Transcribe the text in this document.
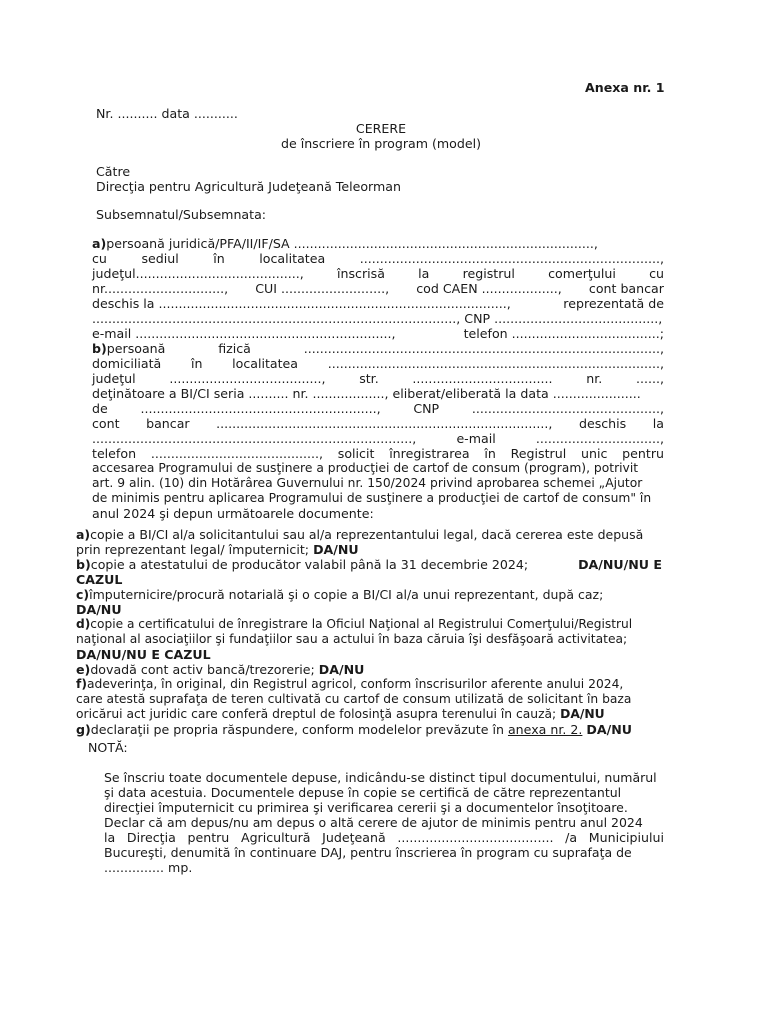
Anexa nr. 1
Nr. .......... data ...........
CERERE
de înscriere în program (model)
Către
Direcţia pentru Agricultură Judeţeană Teleorman
Subsemnatul/Subsemnata:
a)persoană juridică/PFA/II/IF/SA ...........................................................................,
cu	sediul	în	localitatea	...........................................................................,
judeţul.........................................,	înscrisă	la	registrul	comerţului	cu
nr.............................., CUI .........................., cod CAEN ..................., cont bancar
deschis la .......................................................................................,	reprezentată de
..........................................................................................., CNP .........................................,
e-mail ................................................................,	telefon .....................................;
b)persoană	fizică	.........................................................................................,
domiciliată în localitatea ...................................................................................,
judeţul	......................................,	str.	...................................	nr.	......,
deţinătoare a BI/CI seria .......... nr. .................., eliberat/eliberată la data ......................
de	...........................................................,	CNP	...............................................,
cont bancar ..................................................................................., deschis la
................................................................................,	e-mail	...............................,
telefon .........................................., solicit înregistrarea în Registrul unic pentru
accesarea Programului de susţinere a producţiei de cartof de consum (program), potrivit
art. 9 alin. (10) din Hotărârea Guvernului nr. 150/2024 privind aprobarea schemei „Ajutor
de minimis pentru aplicarea Programului de susţinere a producţiei de cartof de consum" în
anul 2024 şi depun următoarele documente:
a)copie a BI/CI al/a solicitantului sau al/a reprezentantului legal, dacă cererea este depusă
prin reprezentant legal/ împuternicit; DA/NU
b)copie a atestatului de producător valabil până la 31 decembrie 2024;	DA/NU/NU E
CAZUL
c)împuternicire/procură notarială şi o copie a BI/CI al/a unui reprezentant, după caz;
DA/NU
d)copie a certificatului de înregistrare la Oficiul Naţional al Registrului Comerţului/Registrul
naţional al asociaţiilor şi fundaţiilor sau a actului în baza căruia îşi desfăşoară activitatea;
DA/NU/NU E CAZUL
e)dovadă cont activ bancă/trezorerie; DA/NU
f)adeverinţa, în original, din Registrul agricol, conform înscrisurilor aferente anului 2024,
care atestă suprafaţa de teren cultivată cu cartof de consum utilizată de solicitant în baza
oricărui act juridic care conferă dreptul de folosinţă asupra terenului în cauză; DA/NU
g)declaraţii pe propria răspundere, conform modelelor prevăzute în anexa nr. 2. DA/NU
NOTĂ:
Se înscriu toate documentele depuse, indicându-se distinct tipul documentului, numărul
şi data acestuia. Documentele depuse în copie se certifică de către reprezentantul
direcţiei împuternicit cu primirea şi verificarea cererii şi a documentelor însoţitoare.
Declar că am depus/nu am depus o altă cerere de ajutor de minimis pentru anul 2024
la Direcţia pentru Agricultură Judeţeană ....................................... /a Municipiului
Bucureşti, denumită în continuare DAJ, pentru înscrierea în program cu suprafaţa de
............... mp.
